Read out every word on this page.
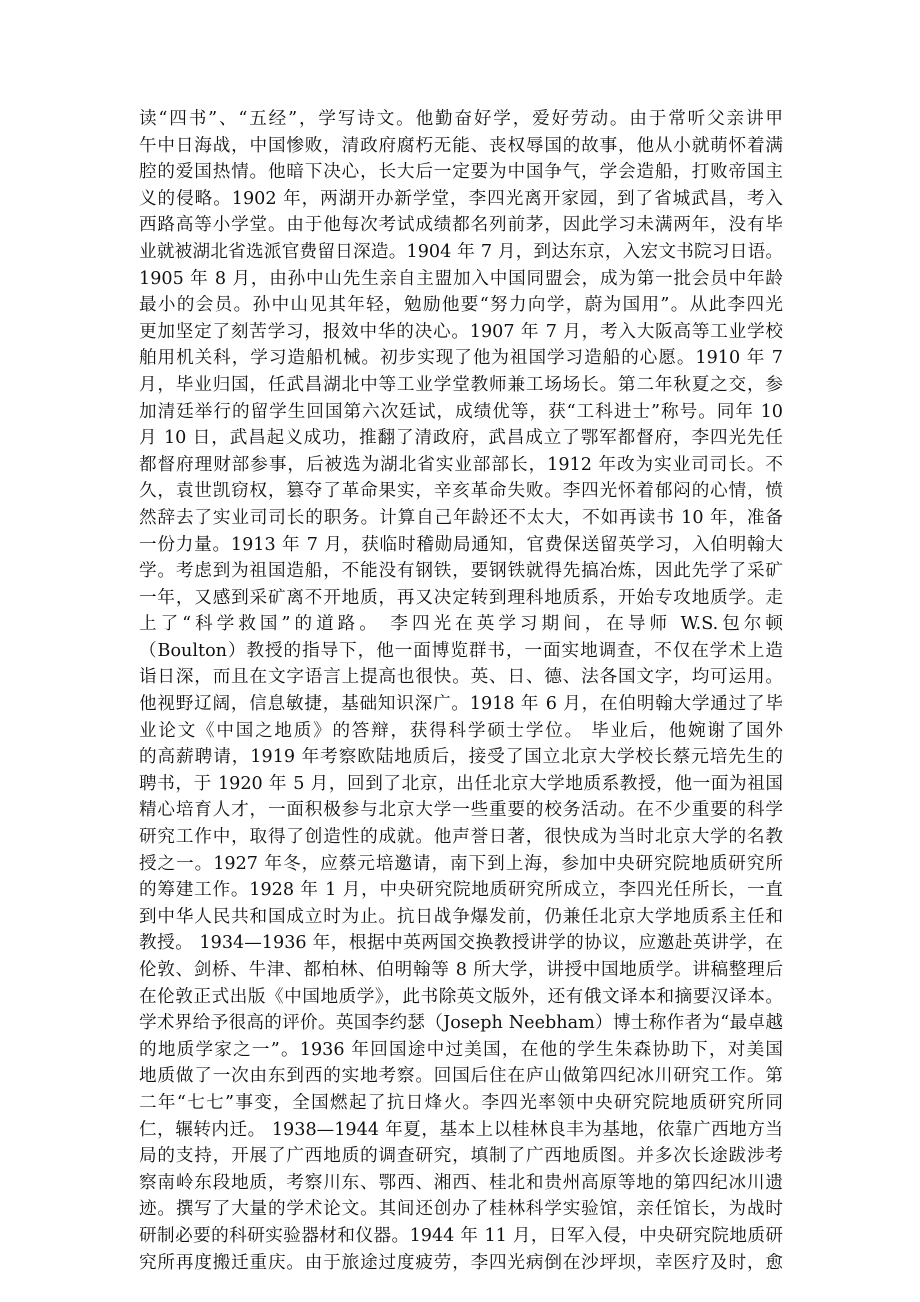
读“四书”、“五经”，学写诗文。他勤奋好学，爱好劳动。由于常听父亲讲甲
午中日海战，中国惨败，清政府腐朽无能、丧权辱国的故事，他从小就萌怀着满
腔的爱国热情。他暗下决心，长大后一定要为中国争气，学会造船，打败帝国主
义的侵略。1902 年，两湖开办新学堂，李四光离开家园，到了省城武昌，考入
西路高等小学堂。由于他每次考试成绩都名列前茅，因此学习未满两年，没有毕
业就被湖北省选派官费留日深造。1904 年 7 月，到达东京，入宏文书院习日语。
1905 年 8 月，由孙中山先生亲自主盟加入中国同盟会，成为第一批会员中年龄
最小的会员。孙中山见其年轻，勉励他要“努力向学，蔚为国用”。从此李四光
更加坚定了刻苦学习，报效中华的决心。1907 年 7 月，考入大阪高等工业学校
舶用机关科，学习造船机械。初步实现了他为祖国学习造船的心愿。1910 年 7
月，毕业归国，任武昌湖北中等工业学堂教师兼工场场长。第二年秋夏之交，参
加清廷举行的留学生回国第六次廷试，成绩优等，获“工科进士”称号。同年 10
月 10 日，武昌起义成功，推翻了清政府，武昌成立了鄂军都督府，李四光先任
都督府理财部参事，后被选为湖北省实业部部长，1912 年改为实业司司长。不
久，袁世凯窃权，篡夺了革命果实，辛亥革命失败。李四光怀着郁闷的心情，愤
然辞去了实业司司长的职务。计算自己年龄还不太大，不如再读书 10 年，准备
一份力量。1913 年 7 月，获临时稽勋局通知，官费保送留英学习，入伯明翰大
学。考虑到为祖国造船，不能没有钢铁，要钢铁就得先搞冶炼，因此先学了采矿
一年，又感到采矿离不开地质，再又决定转到理科地质系，开始专攻地质学。走
上了“科学救国”的道路。 李四光在英学习期间，在导师 W.S.包尔顿
（Boulton）教授的指导下，他一面博览群书，一面实地调查，不仅在学术上造
诣日深，而且在文字语言上提高也很快。英、日、德、法各国文字，均可运用。
他视野辽阔，信息敏捷，基础知识深广。1918 年 6 月，在伯明翰大学通过了毕
业论文《中国之地质》的答辩，获得科学硕士学位。 毕业后，他婉谢了国外
的高薪聘请，1919 年考察欧陆地质后，接受了国立北京大学校长蔡元培先生的
聘书，于 1920 年 5 月，回到了北京，出任北京大学地质系教授，他一面为祖国
精心培育人才，一面积极参与北京大学一些重要的校务活动。在不少重要的科学
研究工作中，取得了创造性的成就。他声誉日著，很快成为当时北京大学的名教
授之一。1927 年冬，应蔡元培邀请，南下到上海，参加中央研究院地质研究所
的筹建工作。1928 年 1 月，中央研究院地质研究所成立，李四光任所长，一直
到中华人民共和国成立时为止。抗日战争爆发前，仍兼任北京大学地质系主任和
教授。 1934—1936 年，根据中英两国交换教授讲学的协议，应邀赴英讲学，在
伦敦、剑桥、牛津、都柏林、伯明翰等 8 所大学，讲授中国地质学。讲稿整理后
在伦敦正式出版《中国地质学》，此书除英文版外，还有俄文译本和摘要汉译本。
学术界给予很高的评价。英国李约瑟（Joseph Neebham）博士称作者为“最卓越
的地质学家之一”。1936 年回国途中过美国，在他的学生朱森协助下，对美国
地质做了一次由东到西的实地考察。回国后住在庐山做第四纪冰川研究工作。第
二年“七七”事变，全国燃起了抗日烽火。李四光率领中央研究院地质研究所同
仁，辗转内迁。 1938—1944 年夏，基本上以桂林良丰为基地，依靠广西地方当
局的支持，开展了广西地质的调查研究，填制了广西地质图。并多次长途跋涉考
察南岭东段地质，考察川东、鄂西、湘西、桂北和贵州高原等地的第四纪冰川遗
迹。撰写了大量的学术论文。其间还创办了桂林科学实验馆，亲任馆长，为战时
研制必要的科研实验器材和仪器。1944 年 11 月，日军入侵，中央研究院地质研
究所再度搬迁重庆。由于旅途过度疲劳，李四光病倒在沙坪坝，幸医疗及时，愈
